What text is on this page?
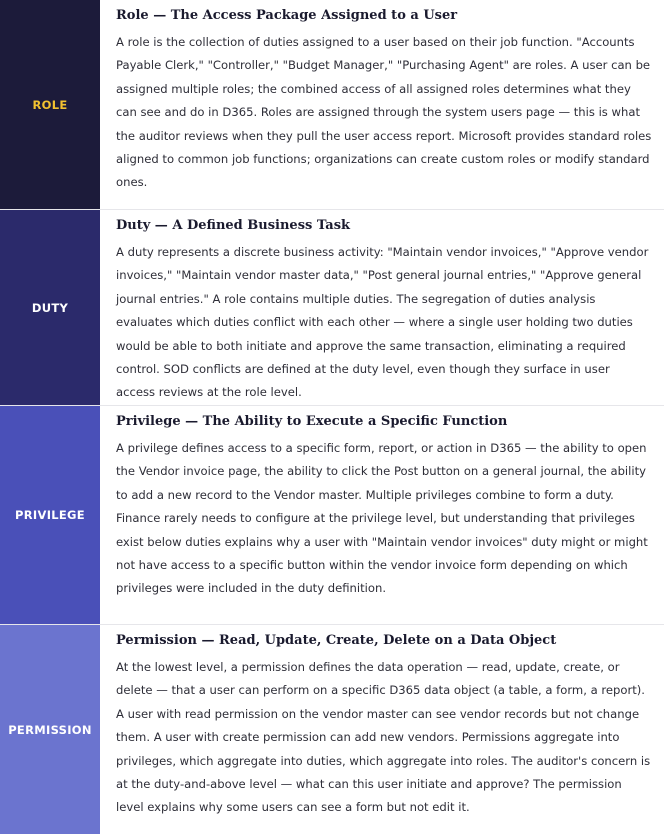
ROLE

Role — The Access Package Assigned to a User

A role is the collection of duties assigned to a user based on their job function. "Accounts Payable Clerk," "Controller," "Budget Manager," "Purchasing Agent" are roles. A user can be assigned multiple roles; the combined access of all assigned roles determines what they can see and do in D365. Roles are assigned through the system users page — this is what the auditor reviews when they pull the user access report. Microsoft provides standard roles aligned to common job functions; organizations can create custom roles or modify standard ones.

DUTY

Duty — A Defined Business Task

A duty represents a discrete business activity: "Maintain vendor invoices," "Approve vendor invoices," "Maintain vendor master data," "Post general journal entries," "Approve general journal entries." A role contains multiple duties. The segregation of duties analysis evaluates which duties conflict with each other — where a single user holding two duties would be able to both initiate and approve the same transaction, eliminating a required control. SOD conflicts are defined at the duty level, even though they surface in user access reviews at the role level.

PRIVILEGE

Privilege — The Ability to Execute a Specific Function

A privilege defines access to a specific form, report, or action in D365 — the ability to open the Vendor invoice page, the ability to click the Post button on a general journal, the ability to add a new record to the Vendor master. Multiple privileges combine to form a duty. Finance rarely needs to configure at the privilege level, but understanding that privileges exist below duties explains why a user with "Maintain vendor invoices" duty might or might not have access to a specific button within the vendor invoice form depending on which privileges were included in the duty definition.

PERMISSION

Permission — Read, Update, Create, Delete on a Data Object

At the lowest level, a permission defines the data operation — read, update, create, or delete — that a user can perform on a specific D365 data object (a table, a form, a report). A user with read permission on the vendor master can see vendor records but not change them. A user with create permission can add new vendors. Permissions aggregate into privileges, which aggregate into duties, which aggregate into roles. The auditor's concern is at the duty-and-above level — what can this user initiate and approve? The permission level explains why some users can see a form but not edit it.
